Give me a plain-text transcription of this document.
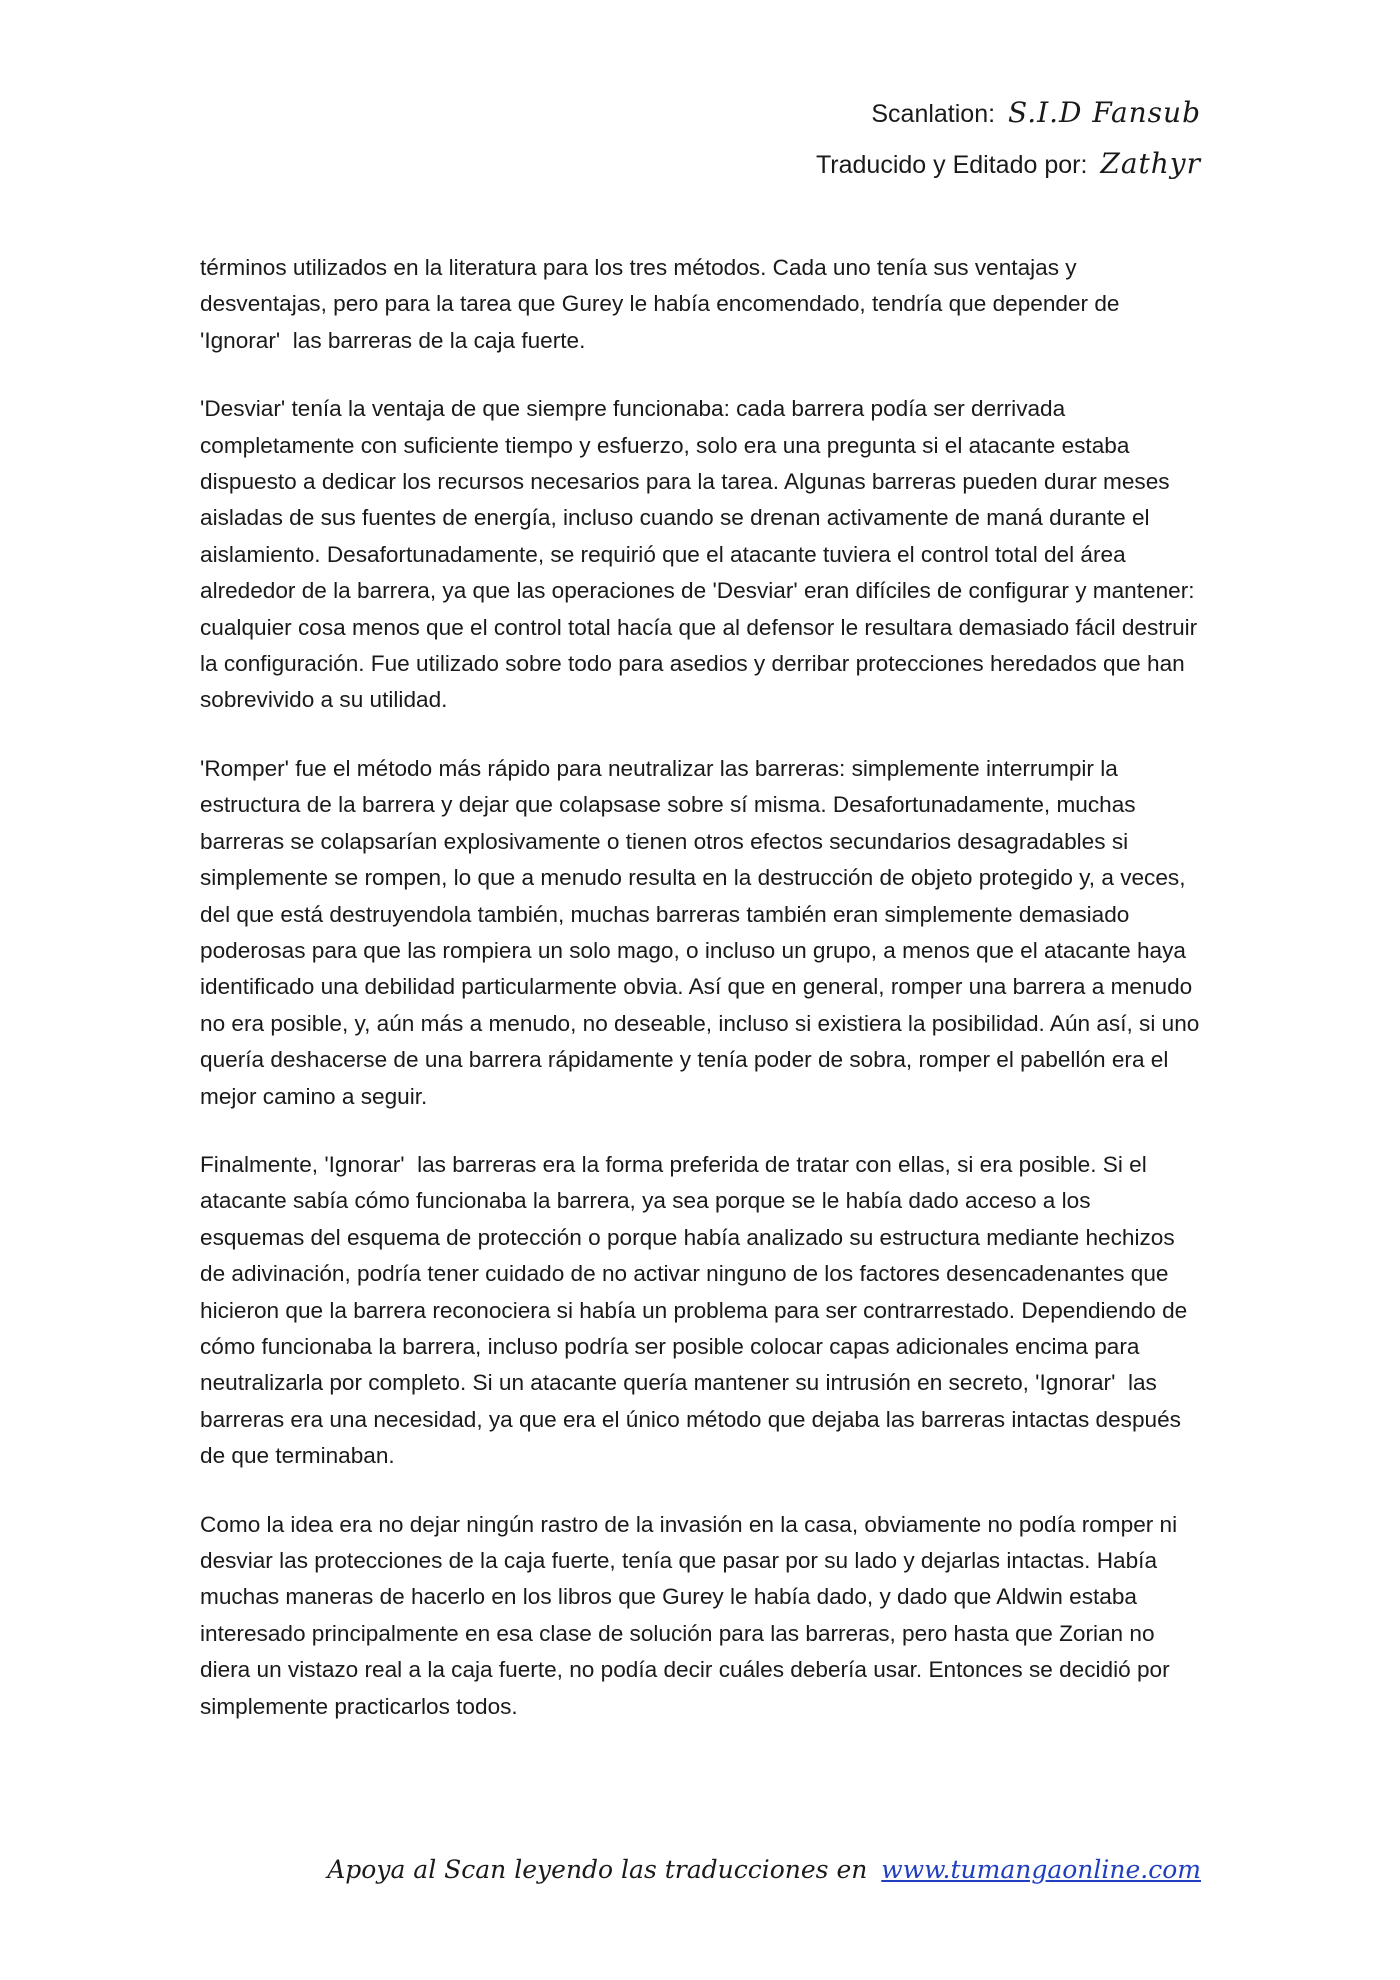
Scanlation: S.I.D Fansub
Traducido y Editado por: Zathyr

términos utilizados en la literatura para los tres métodos. Cada uno tenía sus ventajas y desventajas, pero para la tarea que Gurey le había encomendado, tendría que depender de 'Ignorar'  las barreras de la caja fuerte.

'Desviar' tenía la ventaja de que siempre funcionaba: cada barrera podía ser derrivada completamente con suficiente tiempo y esfuerzo, solo era una pregunta si el atacante estaba dispuesto a dedicar los recursos necesarios para la tarea. Algunas barreras pueden durar meses aisladas de sus fuentes de energía, incluso cuando se drenan activamente de maná durante el aislamiento. Desafortunadamente, se requirió que el atacante tuviera el control total del área alrededor de la barrera, ya que las operaciones de 'Desviar' eran difíciles de configurar y mantener: cualquier cosa menos que el control total hacía que al defensor le resultara demasiado fácil destruir la configuración. Fue utilizado sobre todo para asedios y derribar protecciones heredados que han sobrevivido a su utilidad.

'Romper' fue el método más rápido para neutralizar las barreras: simplemente interrumpir la estructura de la barrera y dejar que colapsase sobre sí misma. Desafortunadamente, muchas barreras se colapsarían explosivamente o tienen otros efectos secundarios desagradables si simplemente se rompen, lo que a menudo resulta en la destrucción de objeto protegido y, a veces, del que está destruyendola también, muchas barreras también eran simplemente demasiado poderosas para que las rompiera un solo mago, o incluso un grupo, a menos que el atacante haya identificado una debilidad particularmente obvia. Así que en general, romper una barrera a menudo no era posible, y, aún más a menudo, no deseable, incluso si existiera la posibilidad. Aún así, si uno quería deshacerse de una barrera rápidamente y tenía poder de sobra, romper el pabellón era el mejor camino a seguir.

Finalmente, 'Ignorar'  las barreras era la forma preferida de tratar con ellas, si era posible. Si el atacante sabía cómo funcionaba la barrera, ya sea porque se le había dado acceso a los esquemas del esquema de protección o porque había analizado su estructura mediante hechizos de adivinación, podría tener cuidado de no activar ninguno de los factores desencadenantes que hicieron que la barrera reconociera si había un problema para ser contrarrestado. Dependiendo de cómo funcionaba la barrera, incluso podría ser posible colocar capas adicionales encima para neutralizarla por completo. Si un atacante quería mantener su intrusión en secreto, 'Ignorar'  las barreras era una necesidad, ya que era el único método que dejaba las barreras intactas después de que terminaban.

Como la idea era no dejar ningún rastro de la invasión en la casa, obviamente no podía romper ni desviar las protecciones de la caja fuerte, tenía que pasar por su lado y dejarlas intactas. Había muchas maneras de hacerlo en los libros que Gurey le había dado, y dado que Aldwin estaba interesado principalmente en esa clase de solución para las barreras, pero hasta que Zorian no diera un vistazo real a la caja fuerte, no podía decir cuáles debería usar. Entonces se decidió por simplemente practicarlos todos.

Apoya al Scan leyendo las traducciones en www.tumangaonline.com
